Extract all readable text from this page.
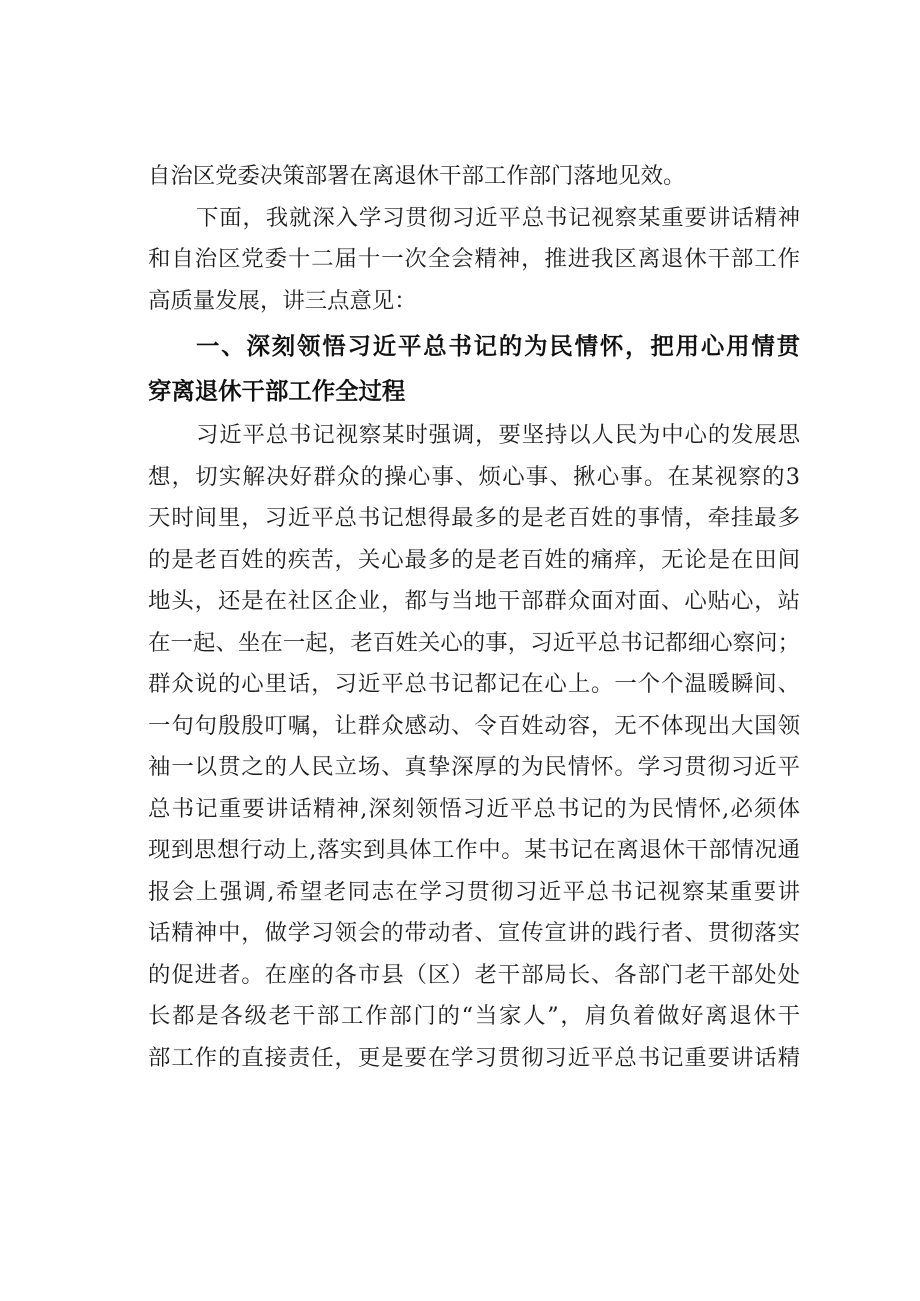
自治区党委决策部署在离退休干部工作部门落地见效。
下面，我就深入学习贯彻习近平总书记视察某重要讲话精神
和自治区党委十二届十一次全会精神，推进我区离退休干部工作
高质量发展，讲三点意见：
一、深刻领悟习近平总书记的为民情怀，把用心用情贯
穿离退休干部工作全过程
习近平总书记视察某时强调，要坚持以人民为中心的发展思
想，切实解决好群众的操心事、烦心事、揪心事。在某视察的3
天时间里，习近平总书记想得最多的是老百姓的事情，牵挂最多
的是老百姓的疾苦，关心最多的是老百姓的痛痒，无论是在田间
地头，还是在社区企业，都与当地干部群众面对面、心贴心，站
在一起、坐在一起，老百姓关心的事，习近平总书记都细心察问；
群众说的心里话，习近平总书记都记在心上。一个个温暖瞬间、
一句句殷殷叮嘱，让群众感动、令百姓动容，无不体现出大国领
袖一以贯之的人民立场、真挚深厚的为民情怀。学习贯彻习近平
总书记重要讲话精神,深刻领悟习近平总书记的为民情怀,必须体
现到思想行动上,落实到具体工作中。某书记在离退休干部情况通
报会上强调,希望老同志在学习贯彻习近平总书记视察某重要讲
话精神中，做学习领会的带动者、宣传宣讲的践行者、贯彻落实
的促进者。在座的各市县（区）老干部局长、各部门老干部处处
长都是各级老干部工作部门的“当家人”，肩负着做好离退休干
部工作的直接责任，更是要在学习贯彻习近平总书记重要讲话精
